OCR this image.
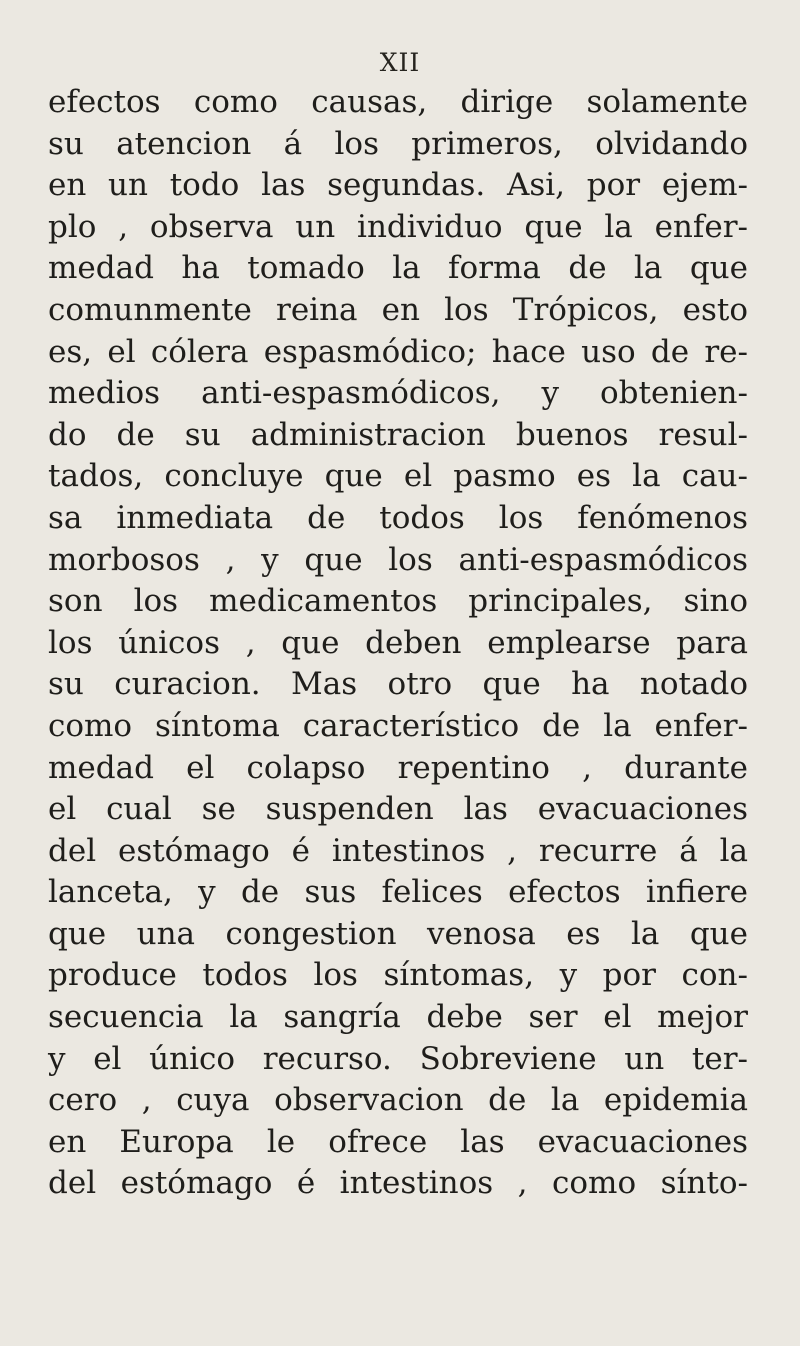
XII
efectos como causas, dirige solamente
su atencion á los primeros, olvidando
en un todo las segundas. Asi, por ejem-
plo , observa un individuo que la enfer-
medad ha tomado la forma de la que
comunmente reina en los Trópicos, esto
es, el cólera espasmódico; hace uso de re-
medios anti-espasmódicos, y obtenien-
do de su administracion buenos resul-
tados, concluye que el pasmo es la cau-
sa inmediata de todos los fenómenos
morbosos , y que los anti-espasmódicos
son los medicamentos principales, sino
los únicos , que deben emplearse para
su curacion. Mas otro que ha notado
como síntoma característico de la enfer-
medad el colapso repentino , durante
el cual se suspenden las evacuaciones
del estómago é intestinos , recurre á la
lanceta, y de sus felices efectos infiere
que una congestion venosa es la que
produce todos los síntomas, y por con-
secuencia la sangría debe ser el mejor
y el único recurso. Sobreviene un ter-
cero , cuya observacion de la epidemia
en Europa le ofrece las evacuaciones
del estómago é intestinos , como sínto-
